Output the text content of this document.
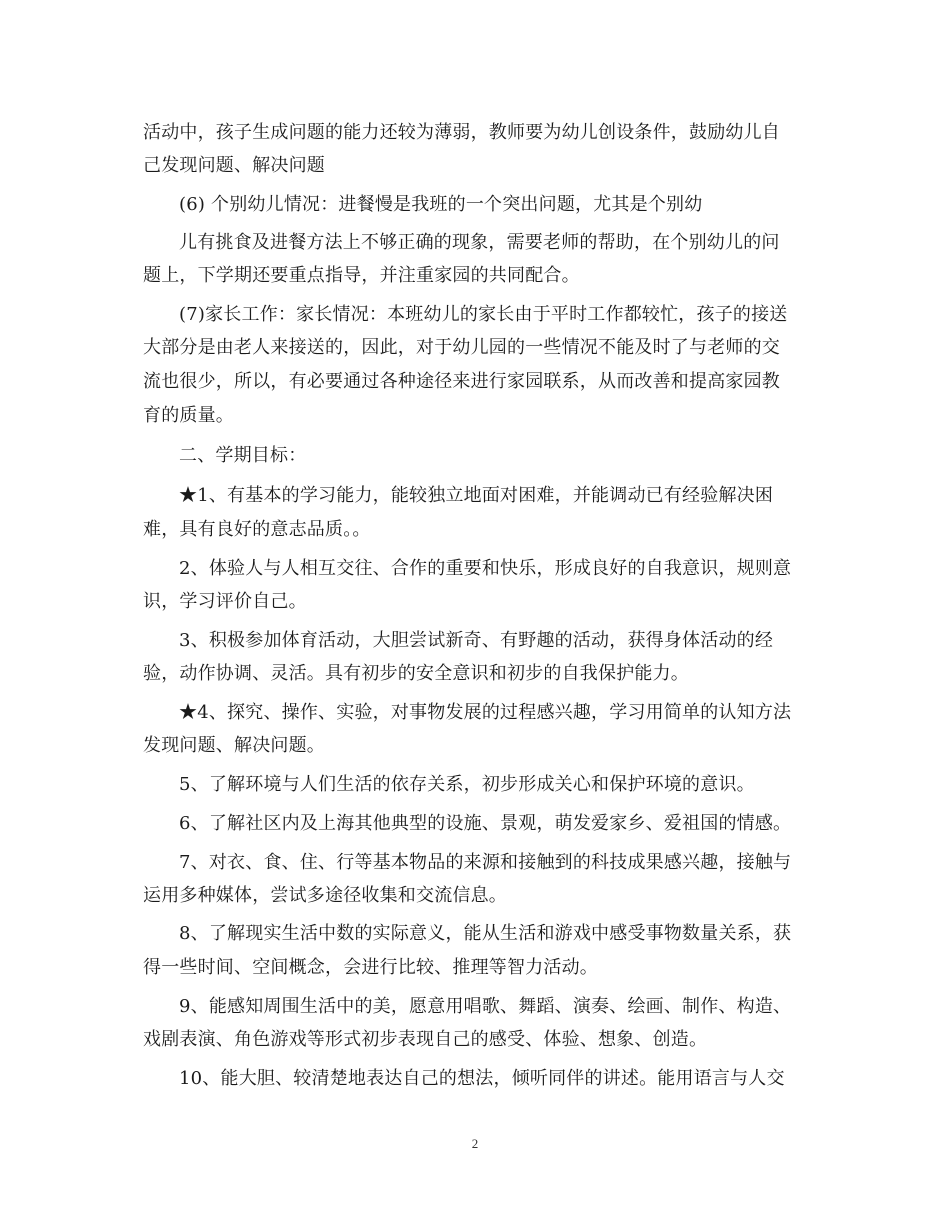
活动中，孩子生成问题的能力还较为薄弱，教师要为幼儿创设条件，鼓励幼儿自
己发现问题、解决问题
(6) 个别幼儿情况：进餐慢是我班的一个突出问题，尤其是个别幼
儿有挑食及进餐方法上不够正确的现象，需要老师的帮助，在个别幼儿的问
题上，下学期还要重点指导，并注重家园的共同配合。
(7)家长工作：家长情况：本班幼儿的家长由于平时工作都较忙，孩子的接送
大部分是由老人来接送的，因此，对于幼儿园的一些情况不能及时了与老师的交
流也很少，所以，有必要通过各种途径来进行家园联系，从而改善和提高家园教
育的质量。
二、学期目标：
★1、有基本的学习能力，能较独立地面对困难，并能调动已有经验解决困
难，具有良好的意志品质。。
2、体验人与人相互交往、合作的重要和快乐，形成良好的自我意识，规则意
识，学习评价自己。
3、积极参加体育活动，大胆尝试新奇、有野趣的活动，获得身体活动的经
验，动作协调、灵活。具有初步的安全意识和初步的自我保护能力。
★4、探究、操作、实验，对事物发展的过程感兴趣，学习用简单的认知方法
发现问题、解决问题。
5、了解环境与人们生活的依存关系，初步形成关心和保护环境的意识。
6、了解社区内及上海其他典型的设施、景观，萌发爱家乡、爱祖国的情感。
7、对衣、食、住、行等基本物品的来源和接触到的科技成果感兴趣，接触与
运用多种媒体，尝试多途径收集和交流信息。
8、了解现实生活中数的实际意义，能从生活和游戏中感受事物数量关系，获
得一些时间、空间概念，会进行比较、推理等智力活动。
9、能感知周围生活中的美，愿意用唱歌、舞蹈、演奏、绘画、制作、构造、
戏剧表演、角色游戏等形式初步表现自己的感受、体验、想象、创造。
10、能大胆、较清楚地表达自己的想法，倾听同伴的讲述。能用语言与人交
2
